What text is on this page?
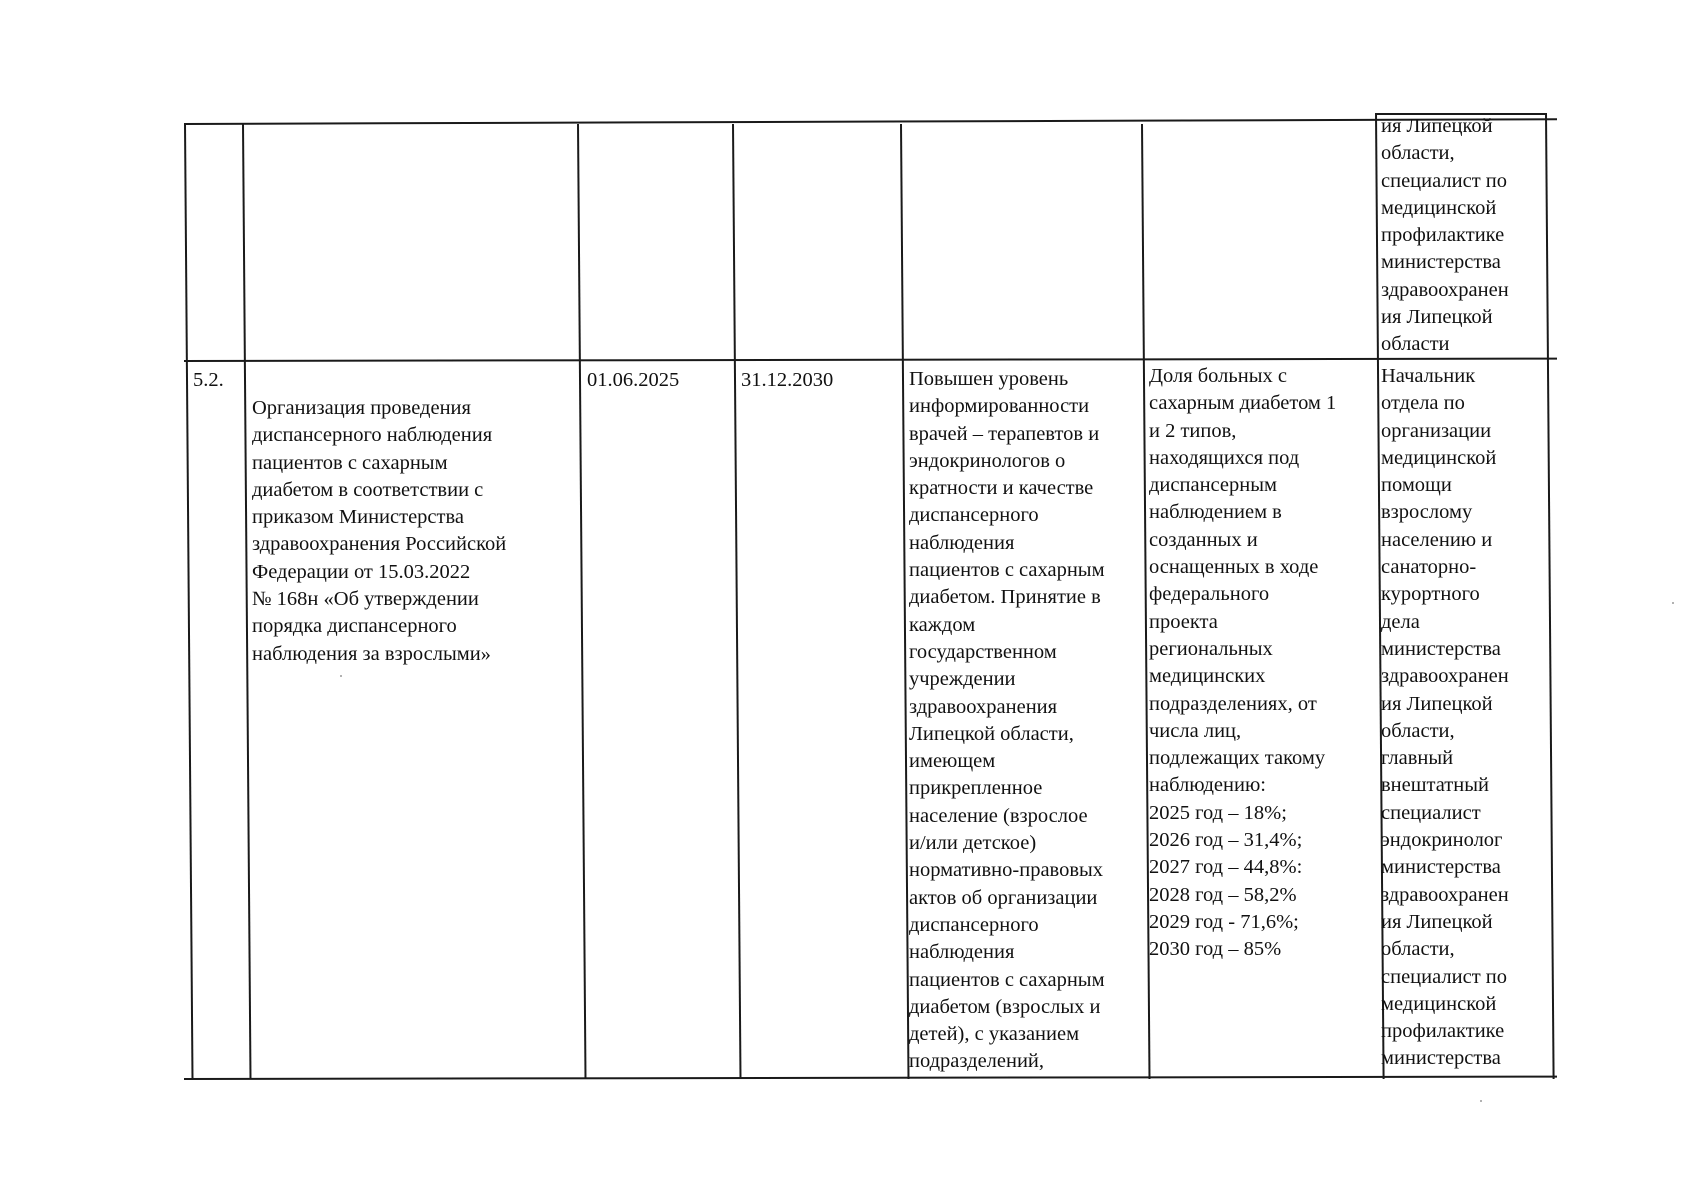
ия Липецкой
области,
специалист по
медицинской
профилактике
министерства
здравоохранен
ия Липецкой
области
5.2.
Организация проведения
диспансерного наблюдения
пациентов с сахарным
диабетом в соответствии с
приказом Министерства
здравоохранения Российской
Федерации от 15.03.2022
№ 168н «Об утверждении
порядка диспансерного
наблюдения за взрослыми»
01.06.2025	31.12.2030	Повышен уровень
информированности
врачей – терапевтов и
эндокринологов о
кратности и качестве
диспансерного
наблюдения
пациентов с сахарным
диабетом. Принятие в
каждом
государственном
учреждении
здравоохранения
Липецкой области,
имеющем
прикрепленное
население (взрослое
и/или детское)
нормативно-правовых
актов об организации
диспансерного
наблюдения
пациентов с сахарным
диабетом (взрослых и
детей), с указанием
подразделений,
Доля больных с
сахарным диабетом 1
и 2 типов,
находящихся под
диспансерным
наблюдением в
созданных и
оснащенных в ходе
федерального
проекта
региональных
медицинских
подразделениях, от
числа лиц,
подлежащих такому
наблюдению:
2025 год – 18%;
2026 год – 31,4%;
2027 год – 44,8%:
2028 год – 58,2%
2029 год - 71,6%;
2030 год – 85%
Начальник
отдела по
организации
медицинской
помощи
взрослому
населению и
санаторно-
курортного
дела
министерства
здравоохранен
ия Липецкой
области,
главный
внештатный
специалист
эндокринолог
министерства
здравоохранен
ия Липецкой
области,
специалист по
медицинской
профилактике
министерства
